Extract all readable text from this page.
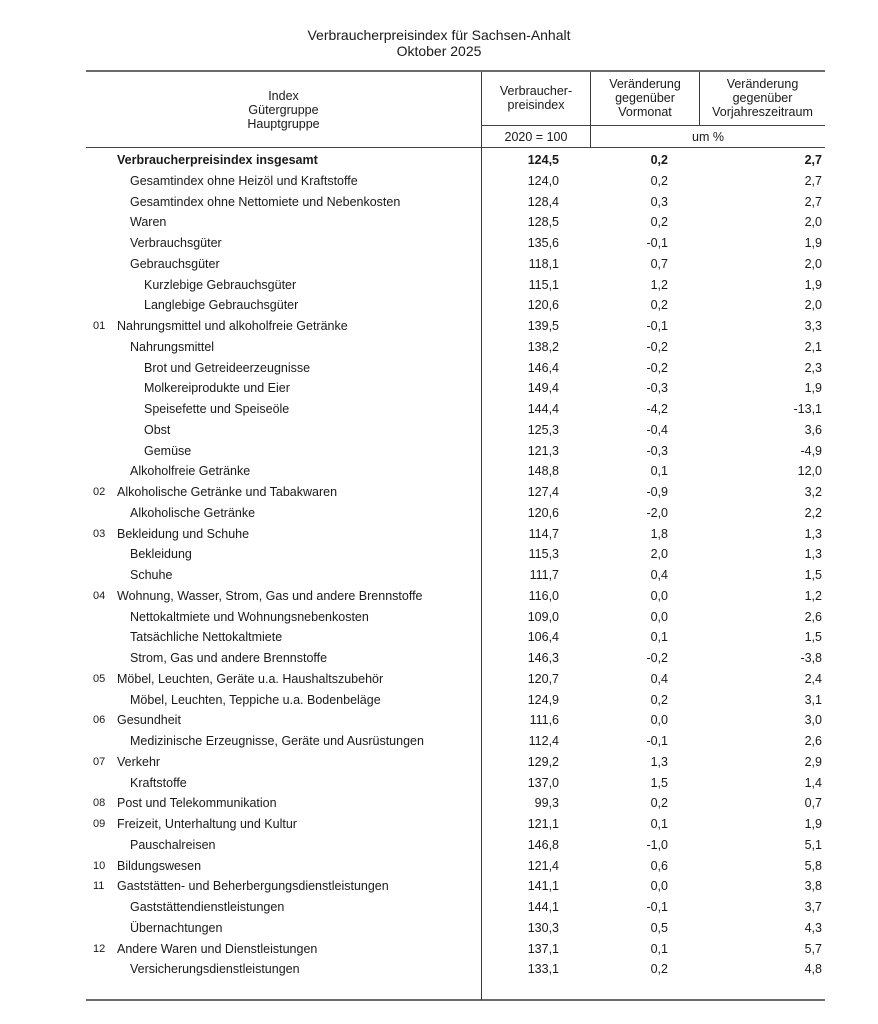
Verbraucherpreisindex für Sachsen-Anhalt
Oktober 2025
Index
Gütergruppe
Hauptgruppe
Verbraucher-
preisindex
Veränderung
gegenüber
Vormonat
Veränderung
gegenüber
Vorjahreszeitraum
2020 = 100	um %
Verbraucherpreisindex insgesamt	124,5	0,2	2,7
Gesamtindex ohne Heizöl und Kraftstoffe	124,0	0,2	2,7
Gesamtindex ohne Nettomiete und Nebenkosten	128,4	0,3	2,7
Waren	128,5	0,2	2,0
Verbrauchsgüter	135,6	-0,1	1,9
Gebrauchsgüter	118,1	0,7	2,0
Kurzlebige Gebrauchsgüter	115,1	1,2	1,9
Langlebige Gebrauchsgüter	120,6	0,2	2,0
01 Nahrungsmittel und alkoholfreie Getränke	139,5	-0,1	3,3
Nahrungsmittel	138,2	-0,2	2,1
Brot und Getreideerzeugnisse	146,4	-0,2	2,3
Molkereiprodukte und Eier	149,4	-0,3	1,9
Speisefette und Speiseöle	144,4	-4,2	-13,1
Obst	125,3	-0,4	3,6
Gemüse	121,3	-0,3	-4,9
Alkoholfreie Getränke	148,8	0,1	12,0
02 Alkoholische Getränke und Tabakwaren	127,4	-0,9	3,2
Alkoholische Getränke	120,6	-2,0	2,2
03 Bekleidung und Schuhe	114,7	1,8	1,3
Bekleidung	115,3	2,0	1,3
Schuhe	111,7	0,4	1,5
04 Wohnung, Wasser, Strom, Gas und andere Brennstoffe	116,0	0,0	1,2
Nettokaltmiete und Wohnungsnebenkosten	109,0	0,0	2,6
Tatsächliche Nettokaltmiete	106,4	0,1	1,5
Strom, Gas und andere Brennstoffe	146,3	-0,2	-3,8
05 Möbel, Leuchten, Geräte u.a. Haushaltszubehör	120,7	0,4	2,4
Möbel, Leuchten, Teppiche u.a. Bodenbeläge	124,9	0,2	3,1
06 Gesundheit	111,6	0,0	3,0
Medizinische Erzeugnisse, Geräte und Ausrüstungen	112,4	-0,1	2,6
07 Verkehr	129,2	1,3	2,9
Kraftstoffe	137,0	1,5	1,4
08 Post und Telekommunikation	99,3	0,2	0,7
09 Freizeit, Unterhaltung und Kultur	121,1	0,1	1,9
Pauschalreisen	146,8	-1,0	5,1
10 Bildungswesen	121,4	0,6	5,8
11 Gaststätten- und Beherbergungsdienstleistungen	141,1	0,0	3,8
Gaststättendienstleistungen	144,1	-0,1	3,7
Übernachtungen	130,3	0,5	4,3
12 Andere Waren und Dienstleistungen	137,1	0,1	5,7
Versicherungsdienstleistungen	133,1	0,2	4,8
